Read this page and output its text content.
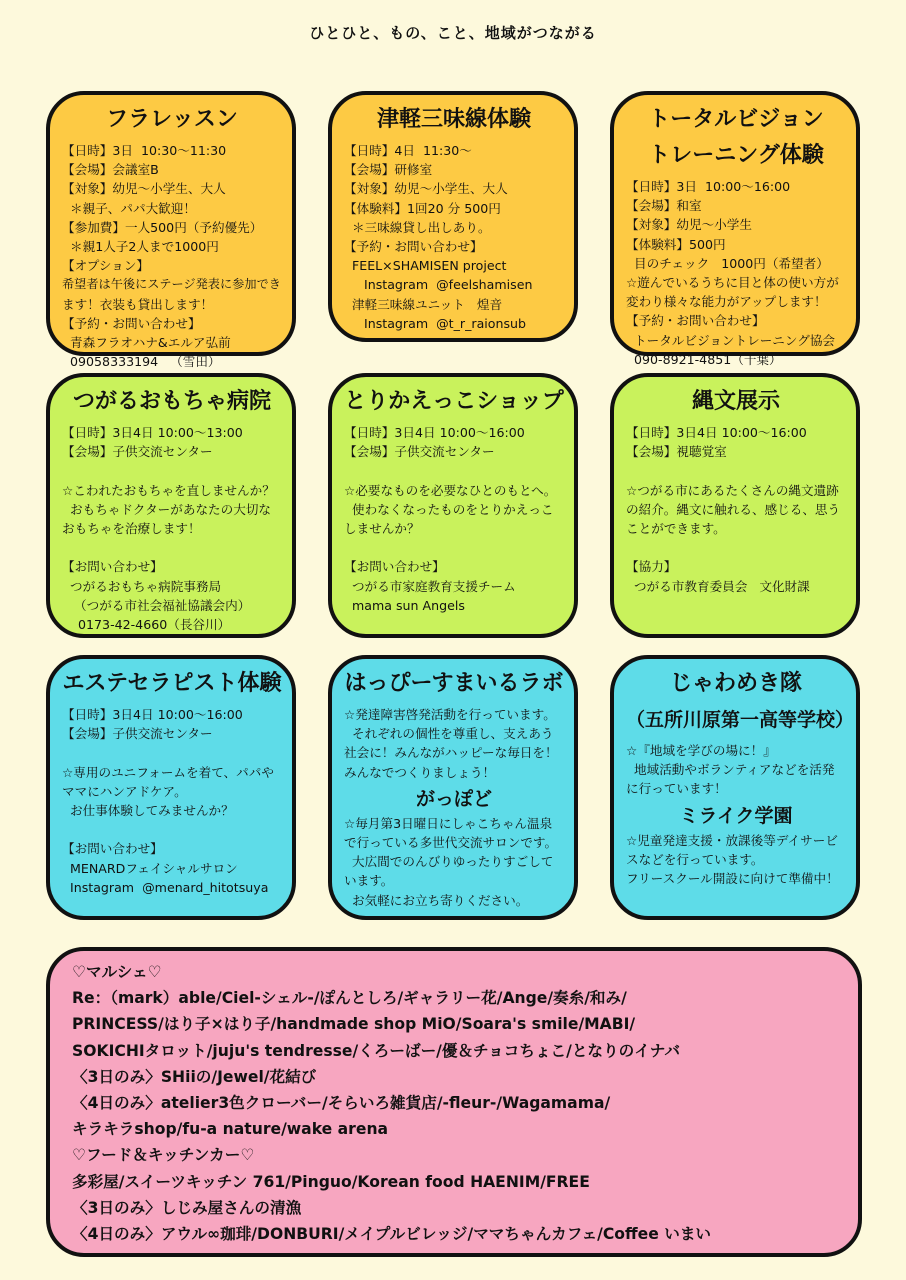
ひとひと、もの、こと、地域がつながる
フラレッスン
【日時】3日  10:30～11:30
【会場】会議室B
【対象】幼児～小学生、大人
＊親子、パパ大歓迎！
【参加費】一人500円（予約優先）
＊親1人子2人まで1000円
【オプション】
希望者は午後にステージ発表に参加でき
ます！衣装も貸出します！
【予約・お問い合わせ】
青森フラオハナ&エルア弘前
09058333194   （雪田）
津軽三味線体験
【日時】4日  11:30～
【会場】研修室
【対象】幼児～小学生、大人
【体験料】1回20 分 500円
＊三味線貸し出しあり。
【予約・お問い合わせ】
FEEL×SHAMISEN project
Instagram  @feelshamisen
津軽三味線ユニット   煌音
Instagram  @t_r_raionsub
トータルビジョン
トレーニング体験
【日時】3日  10:00～16:00
【会場】和室
【対象】幼児～小学生
【体験料】500円
目のチェック   1000円（希望者）
☆遊んでいるうちに目と体の使い方が
変わり様々な能力がアップします！
【予約・お問い合わせ】
トータルビジョントレーニング協会
090-8921-4851（千葉）
つがるおもちゃ病院
【日時】3日4日 10:00～13:00
【会場】子供交流センター
☆こわれたおもちゃを直しませんか？
おもちゃドクターがあなたの大切な
おもちゃを治療します！
【お問い合わせ】
つがるおもちゃ病院事務局
（つがる市社会福祉協議会内）
0173-42-4660（長谷川）
とりかえっこショップ
【日時】3日4日 10:00～16:00
【会場】子供交流センター
☆必要なものを必要なひとのもとへ。
使わなくなったものをとりかえっこ
しませんか？
【お問い合わせ】
つがる市家庭教育支援チーム
mama sun Angels
縄文展示
【日時】3日4日 10:00～16:00
【会場】視聴覚室
☆つがる市にあるたくさんの縄文遺跡
の紹介。縄文に触れる、感じる、思う
ことができます。
【協力】
つがる市教育委員会   文化財課
エステセラピスト体験
【日時】3日4日 10:00～16:00
【会場】子供交流センター
☆専用のユニフォームを着て、パパや
ママにハンアドケア。
お仕事体験してみませんか？
【お問い合わせ】
MENARDフェイシャルサロン
Instagram  @menard_hitotsuya
はっぴーすまいるラボ
☆発達障害啓発活動を行っています。
それぞれの個性を尊重し、支えあう
社会に！みんながハッピーな毎日を！
みんなでつくりましょう！
がっぽど
☆毎月第3日曜日にしゃこちゃん温泉
で行っている多世代交流サロンです。
大広間でのんびりゆったりすごして
います。
お気軽にお立ち寄りください。
じゃわめき隊
（五所川原第一高等学校）
☆『地域を学びの場に！』
地域活動やボランティアなどを活発
に行っています！
ミライク学園
☆児童発達支援・放課後等デイサービ
スなどを行っています。
フリースクール開設に向けて準備中！
♡マルシェ♡
Re：（mark）able/Ciel-シェル-/ぽんとしろ/ギャラリー花/Ange/奏糸/和み/
PRINCESS/はり子×はり子/handmade shop MiO/Soara's smile/MABI/
SOKICHIタロット/juju's tendresse/くろーばー/優＆チョコちょこ/となりのイナバ
〈3日のみ〉SHiiの/Jewel/花結び
〈4日のみ〉atelier3色クローバー/そらいろ雑貨店/-fleur-/Wagamama/
キラキラshop/fu-a nature/wake arena
♡フード＆キッチンカー♡
多彩屋/スイーツキッチン 761/Pinguo/Korean food HAENIM/FREE
〈3日のみ〉しじみ屋さんの清漁
〈4日のみ〉アウル∞珈琲/DONBURI/メイプルビレッジ/ママちゃんカフェ/Coffee いまい
